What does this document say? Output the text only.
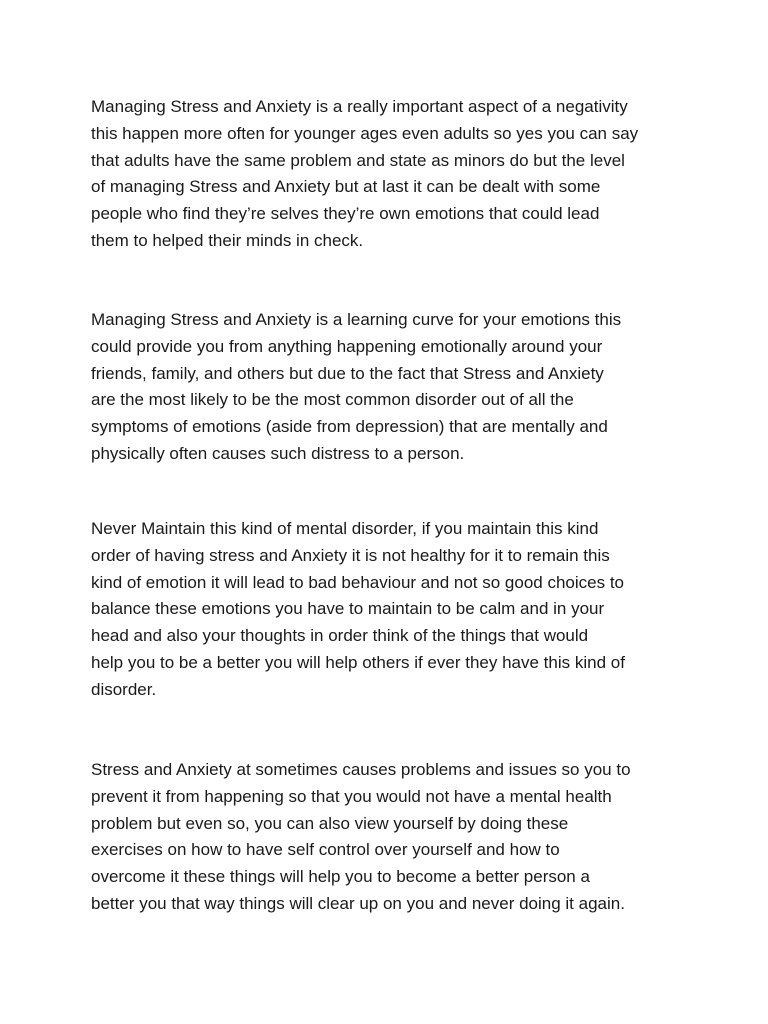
Managing Stress and Anxiety is a really important aspect of a negativity
this happen more often for younger ages even adults so yes you can say
that adults have the same problem and state as minors do but the level
of managing Stress and Anxiety but at last it can be dealt with some
people who find they’re selves they’re own emotions that could lead
them to helped their minds in check.
Managing Stress and Anxiety is a learning curve for your emotions this
could provide you from anything happening emotionally around your
friends, family, and others but due to the fact that Stress and Anxiety
are the most likely to be the most common disorder out of all the
symptoms of emotions (aside from depression) that are mentally and
physically often causes such distress to a person.
Never Maintain this kind of mental disorder, if you maintain this kind
order of having stress and Anxiety it is not healthy for it to remain this
kind of emotion it will lead to bad behaviour and not so good choices to
balance these emotions you have to maintain to be calm and in your
head and also your thoughts in order think of the things that would
help you to be a better you will help others if ever they have this kind of
disorder.
Stress and Anxiety at sometimes causes problems and issues so you to
prevent it from happening so that you would not have a mental health
problem but even so, you can also view yourself by doing these
exercises on how to have self control over yourself and how to
overcome it these things will help you to become a better person a
better you that way things will clear up on you and never doing it again.
